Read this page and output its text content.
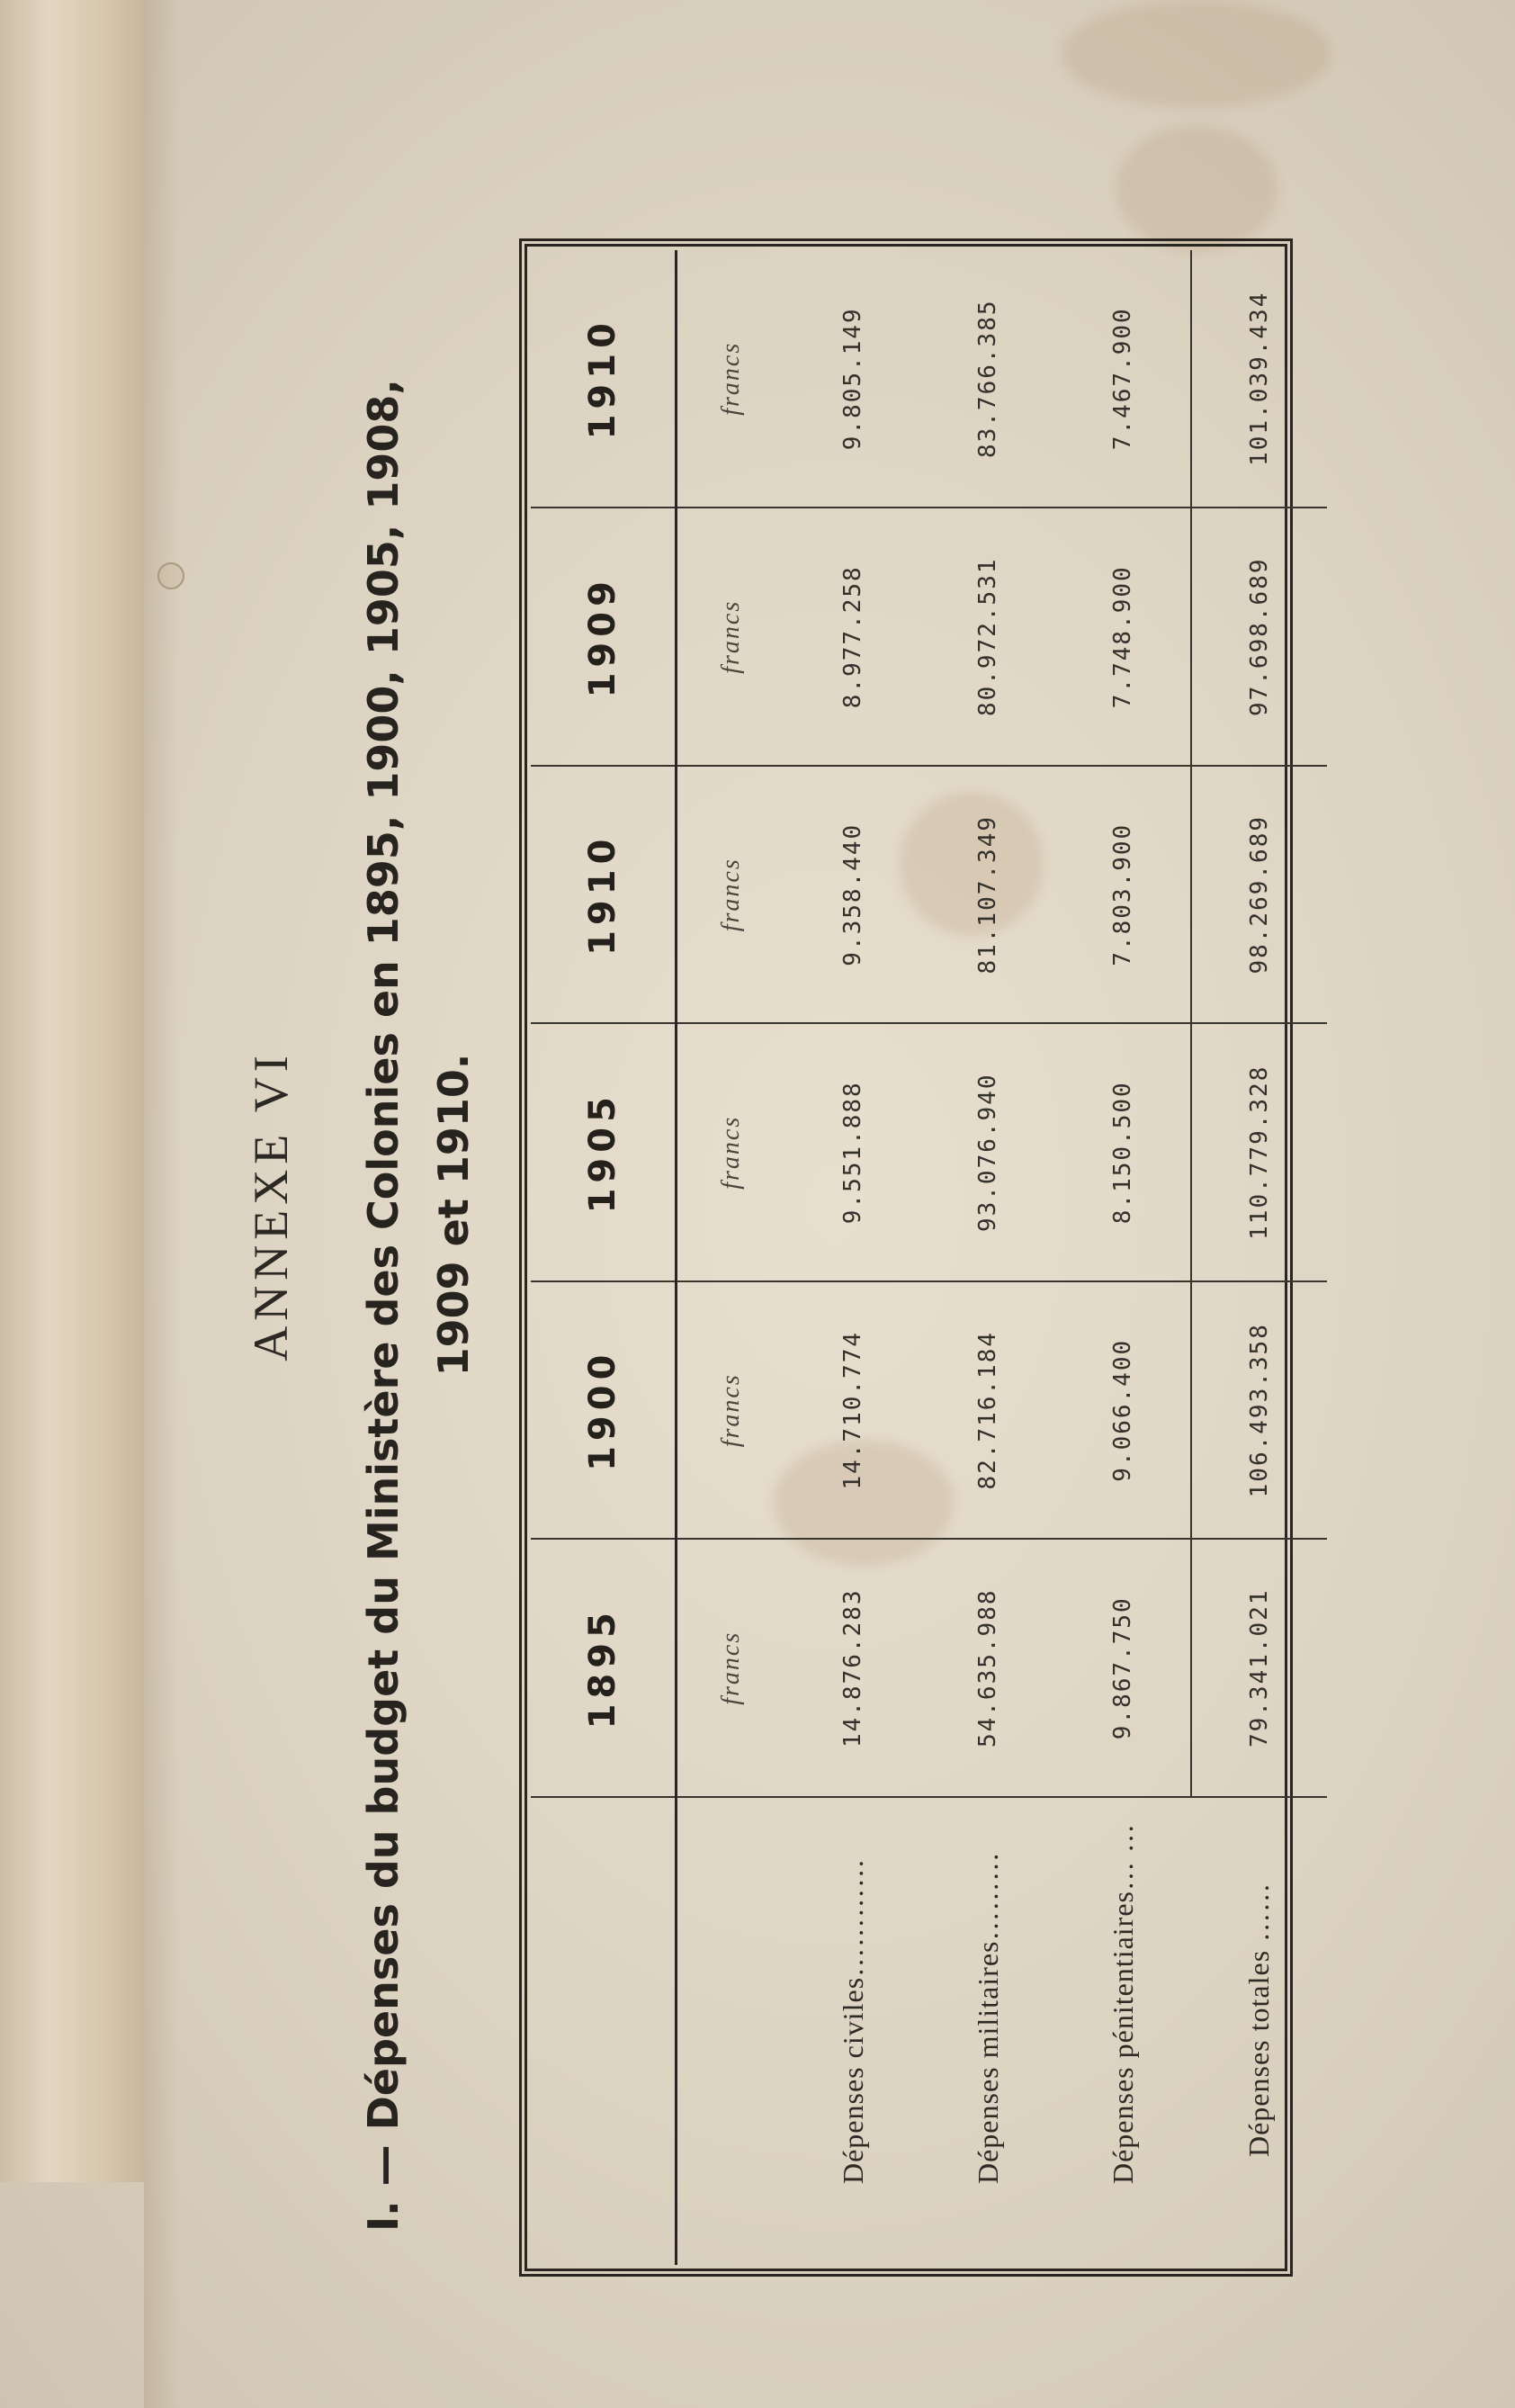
ANNEXE VI I. — Dépenses du budget du Ministère des Colonies en 1895, 1900, 1905, 1908, 1909 et 1910.
	1895	1900	1905	1910	1909	1910
	francs	francs	francs	francs	francs	francs
Dépenses civiles…………	14.876.283	14.710.774	9.551.888	9.358.440	8.977.258	9.805.149
Dépenses militaires………	54.635.988	82.716.184	93.076.940	81.107.349	80.972.531	83.766.385
Dépenses pénitentiaires… …	9.867.750	9.066.400	8.150.500	7.803.900	7.748.900	7.467.900
Dépenses totales ……	79.341.021	106.493.358	110.779.328	98.269.689	97.698.689	101.039.434
